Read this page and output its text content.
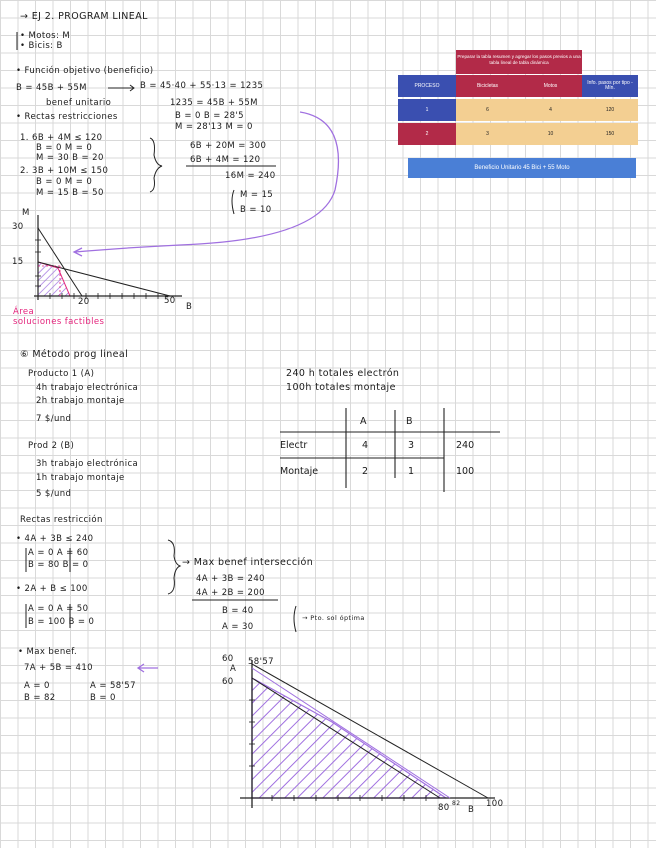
→ EJ 2. PROGRAM LINEAL
• Motos: M
• Bicis: B
• Función objetivo (beneficio)
B = 45B + 55M	B = 45·40 + 55·13 = 1235
benef unitario	1235 = 45B + 55M
• Rectas restricciones	B = 0 B = 28'5
M = 28'13 M = 0
1. 6B + 4M ≤ 120
B = 0 M = 0
M = 30 B = 20
2. 3B + 10M ≤ 150
B = 0 M = 0
M = 15 B = 50
6B + 20M = 300
6B + 4M = 120
16M = 240
M = 15
B = 10
M
30
15
20	50
B
Área
soluciones factibles
Preparar la tabla resumen y agregar los pasos previos a una tabla lineal de tabla dinámica
PROCESO	Bicicletas	Motos	Info. pasos por tipo - Mín.
1	6	4	120
2	3	10	150
Beneficio Unitario 45 Bici + 55 Moto
⑥ Método prog lineal
Producto 1 (A)
4h trabajo electrónica
2h trabajo montaje
7 $/und
Prod 2 (B)
3h trabajo electrónica
1h trabajo montaje
5 $/und
240 h totales electrón
100h totales montaje
A	B
Electr	4	3	240
Montaje	2	1	100
Rectas restricción
• 4A + 3B ≤ 240
A = 0 A = 60
B = 80 B = 0
• 2A + B ≤ 100
A = 0 A = 50
B = 100 B = 0
→ Max benef intersección
4A + 3B = 240
4A + 2B = 200
B = 40
A = 30
→ Pto. sol óptima
• Max benef.
7A + 5B = 410
A = 0
B = 82
A = 58'57
B = 0
60 58'57
A
60
80 82
B
100
